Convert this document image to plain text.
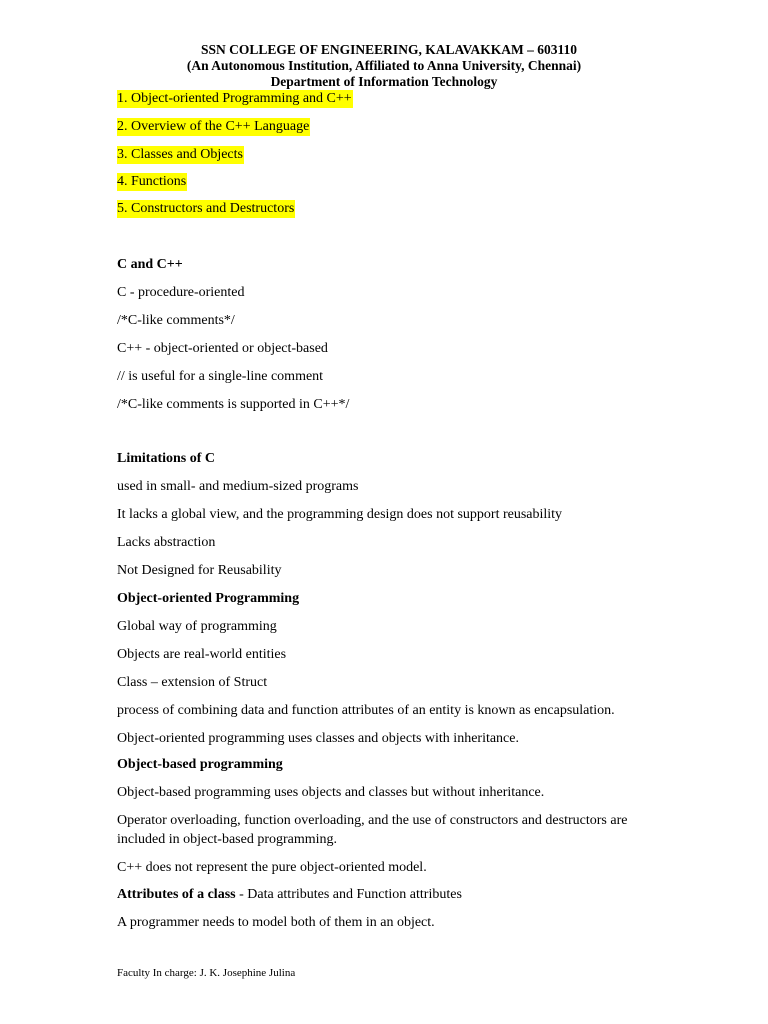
SSN COLLEGE OF ENGINEERING, KALAVAKKAM – 603110
(An Autonomous Institution, Affiliated to Anna University, Chennai)
Department of Information Technology
1. Object-oriented Programming and C++
2. Overview of the C++ Language
3. Classes and Objects
4. Functions
5. Constructors and Destructors
C and C++
C - procedure-oriented
/*C-like comments*/
C++ - object-oriented or object-based
// is useful for a single-line comment
/*C-like comments is supported in C++*/
Limitations of C
used in small- and medium-sized programs
It lacks a global view, and the programming design does not support reusability
Lacks abstraction
Not Designed for Reusability
Object-oriented Programming
Global way of programming
Objects are real-world entities
Class – extension of Struct
process of combining data and function attributes of an entity is known as encapsulation.
Object-oriented programming uses classes and objects with inheritance.
Object-based programming
Object-based programming uses objects and classes but without inheritance.
Operator overloading, function overloading, and the use of constructors and destructors are included in object-based programming.
C++ does not represent the pure object-oriented model.
Attributes of a class - Data attributes and Function attributes
A programmer needs to model both of them in an object.
Faculty In charge: J. K. Josephine Julina
